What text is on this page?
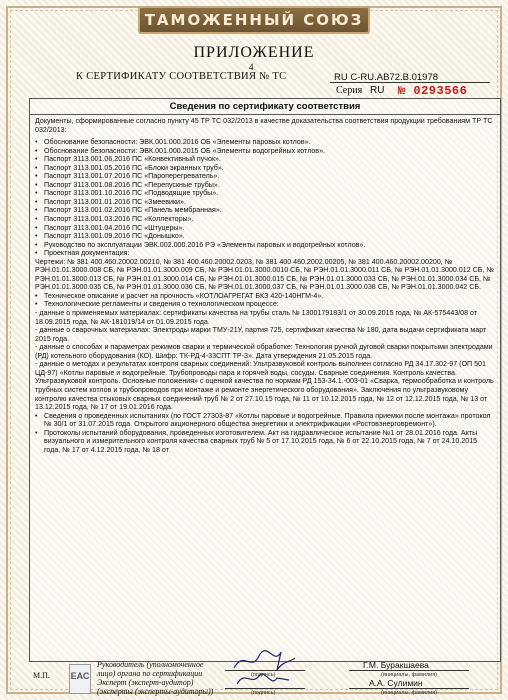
ТАМОЖЕННЫЙ СОЮЗ
ПРИЛОЖЕНИЕ
4
К СЕРТИФИКАТУ СООТВЕТСТВИЯ № ТС	RU С-RU.АВ72.В.01978
Серия RU № 0293566
Сведения по сертификату соответствия

Документы, сформированные согласно пункту 45 ТР ТС 032/2013 в качестве доказательства соответствия продукции требованиям ТР ТС 032/2013:

• Обоснование безопасности: ЭВК.001.000.2016 ОБ «Элементы паровых котлов».
• Обоснование безопасности: ЭВК.001.000.2015 ОБ «Элементы водогрейных котлов».
• Паспорт 3113.001.06.2016 ПС «Конвективный пучок».
• Паспорт 3113.001.05.2016 ПС «Блоки экранных труб».
• Паспорт 3113.001.07.2016 ПС «Пароперегреватель».
• Паспорт 3113.001.08.2016 ПС «Перепускные трубы».
• Паспорт 3113.001.10.2016 ПС «Подводящие трубы».
• Паспорт 3113.001.01.2016 ПС «Змеевики».
• Паспорт 3113.001.02.2016 ПС «Панель мембранная».
• Паспорт 3113.001.03.2016 ПС «Коллекторы».
• Паспорт 3113.001.04.2016 ПС «Штуцеры».
• Паспорт 3113.001.09.2016 ПС «Донышко».
• Руководство по эксплуатации ЭВК.002.000.2016 РЭ «Элементы паровых и водогрейных котлов».
• Проектная документация:

Чертежи: № 381 400.460.20002.00210, № 381 400.460.20002.0203, № 381 400 460.2002.00205, № 381 400.460.20002.00200, № РЭН.01.01.3000.008 СБ, № РЭН.01.01.3000.009 СБ, № РЭН.01.01.3000.0010 СБ, № РЭН.01.01.3000.011 СБ, № РЭН.01.01.3000.012 СБ, № РЭН.01.01.3000.013 СБ, № РЭН.01.01.3000.014 СБ, № РЭН.01.01.3000.015 СБ, № РЭН.01.01.3000.033 СБ, № РЭН.01.01.3000.034 СБ, № РЭН.01.01.3000.035 СБ, № РЭН.01.01.3000.036 СБ, № РЭН.01.01.3000.037 СБ, № РЭН.01.01.3000.038 СБ, № РЭН.01.01.3000.042 СБ.

• Техническое описание и расчет на прочность «КОТЛОАГРЕГАТ БКЗ 420-140НГМ-4».
• Технологические регламенты и сведения о технологическом процессе:
- данные о применяемых материалах: сертификаты качества на трубы сталь № 1300179183/1 от 30.09.2015 года, № АК-575443/08 от 18.09.2015 года, № АК-181019/14 от 01.09.2015 года.
- данные о сварочных материалах: Электроды марки ТМУ-21У, партия 725, сертификат качества № 180, дата выдачи сертификата март 2015 года.
- данные о способах и параметрах режимов сварки и термической обработке: Технология ручной дуговой сварки покрытыми электродами (РД) котельного оборудования (КО). Шифр: ТК-РД-4-33СПТ ТР-3». Дата утверждения 21.05.2015 года.
- данные о методах и результатах контроля сварных соединений: Ультразвуковой контроль выполнен согласно РД 34.17.302-97 (ОП 501 ЦД-97) «Котлы паровые и водогрейные. Трубопроводы пара и горячей воды, сосуды. Сварные соединения. Контроль качества. Ультразвуковой контроль. Основные положения» с оценкой качества по нормам РД 153-34.1.-003-01 «Сварка, термообработка и контроль трубных систем котлов и трубопроводов при монтаже и ремонте энергетического оборудования». Заключения по ультразвуковому контролю качества стыковых сварных соединений труб № 2 от 27.10.15 года, № 11 от 10.12.2015 года, № 12 от 12.12.2015 года, № 13 от 13.12.2015 года, № 17 от 19.01.2016 года.
• Сведения о проведенных испытаниях (по ГОСТ 27303-87 «Котлы паровые и водогрейные. Правила приемки после монтажа» протокол № 30/1 от 31.07.2015 года. Открытого акционерного общества энергетики и электрификации «Ростовэнерговремонт»).
• Протоколы испытаний оборудования, проведенных изготовителем. Акт на гидравлическое испытание №1 от 28.01.2016 года. Акты визуального и измерительного контроля качества сварных труб № 5 от 17.10.2015 года, № 6 от 22.10.2015 года, № 7 от 24.10.2015 года, № 17 от 4.12.2015 года, № 18 от
М.П. ЕАС
Руководитель (уполномоченное лицо) органа по сертификации	(подпись)
Г.М. Буракшаева
(инициалы, фамилия)
Эксперт (эксперт-аудитор) (эксперты (эксперты-аудиторы))	(подпись)
А.А. Сулимин
(инициалы, фамилия)
